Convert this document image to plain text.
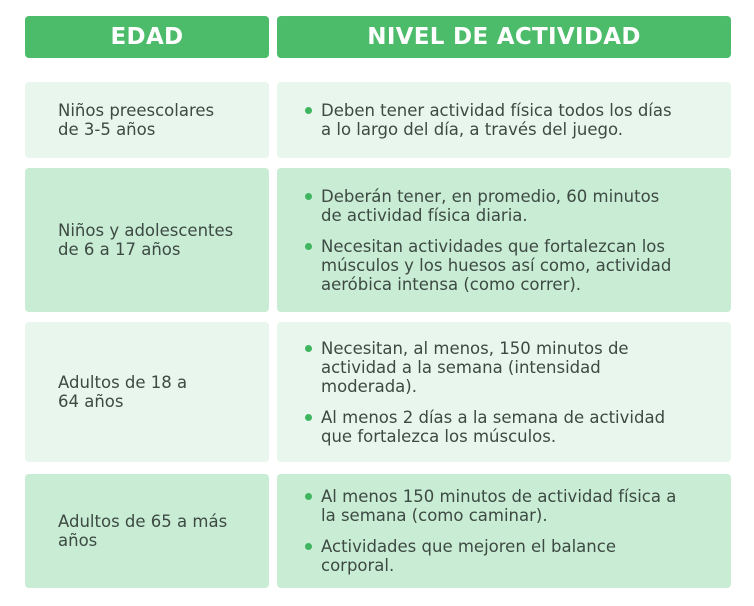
EDAD	NIVEL DE ACTIVIDAD
Niños preescolares
de 3-5 años
Deben tener actividad física todos los días
a lo largo del día, a través del juego.
Niños y adolescentes
de 6 a 17 años
Deberán tener, en promedio, 60 minutos
de actividad física diaria.
Necesitan actividades que fortalezcan los
músculos y los huesos así como, actividad
aeróbica intensa (como correr).
Adultos de 18 a
64 años
Necesitan, al menos, 150 minutos de
actividad a la semana (intensidad
moderada).
Al menos 2 días a la semana de actividad
que fortalezca los músculos.
Adultos de 65 a más
años
Al menos 150 minutos de actividad física a
la semana (como caminar).
Actividades que mejoren el balance
corporal.
